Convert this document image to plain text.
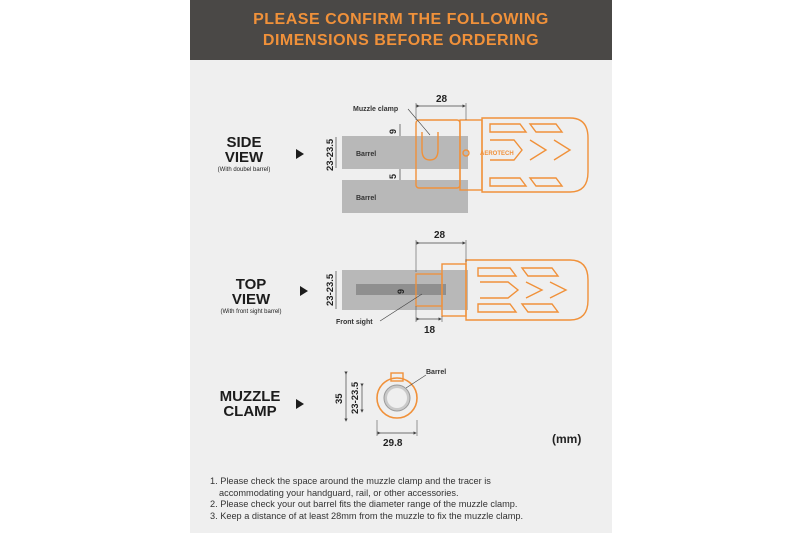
PLEASE CONFIRM THE FOLLOWING
DIMENSIONS BEFORE ORDERING
SIDE
VIEW
(With doubel barrel)
TOP
VIEW
(With front sight barrel)
MUZZLE
CLAMP
Barrel
Barrel
AEROTECH
Muzzle clamp
28
23-23.5
9
5
28
23-23.5	9
18
Front sight
Barrel
35 23-23.5
29.8	(mm)
1. Please check the space around the muzzle clamp and the tracer is
accommodating your handguard, rail, or other accessories.
2. Please check your out barrel fits the diameter range of the muzzle clamp.
3. Keep a distance of at least 28mm from the muzzle to fix the muzzle clamp.
